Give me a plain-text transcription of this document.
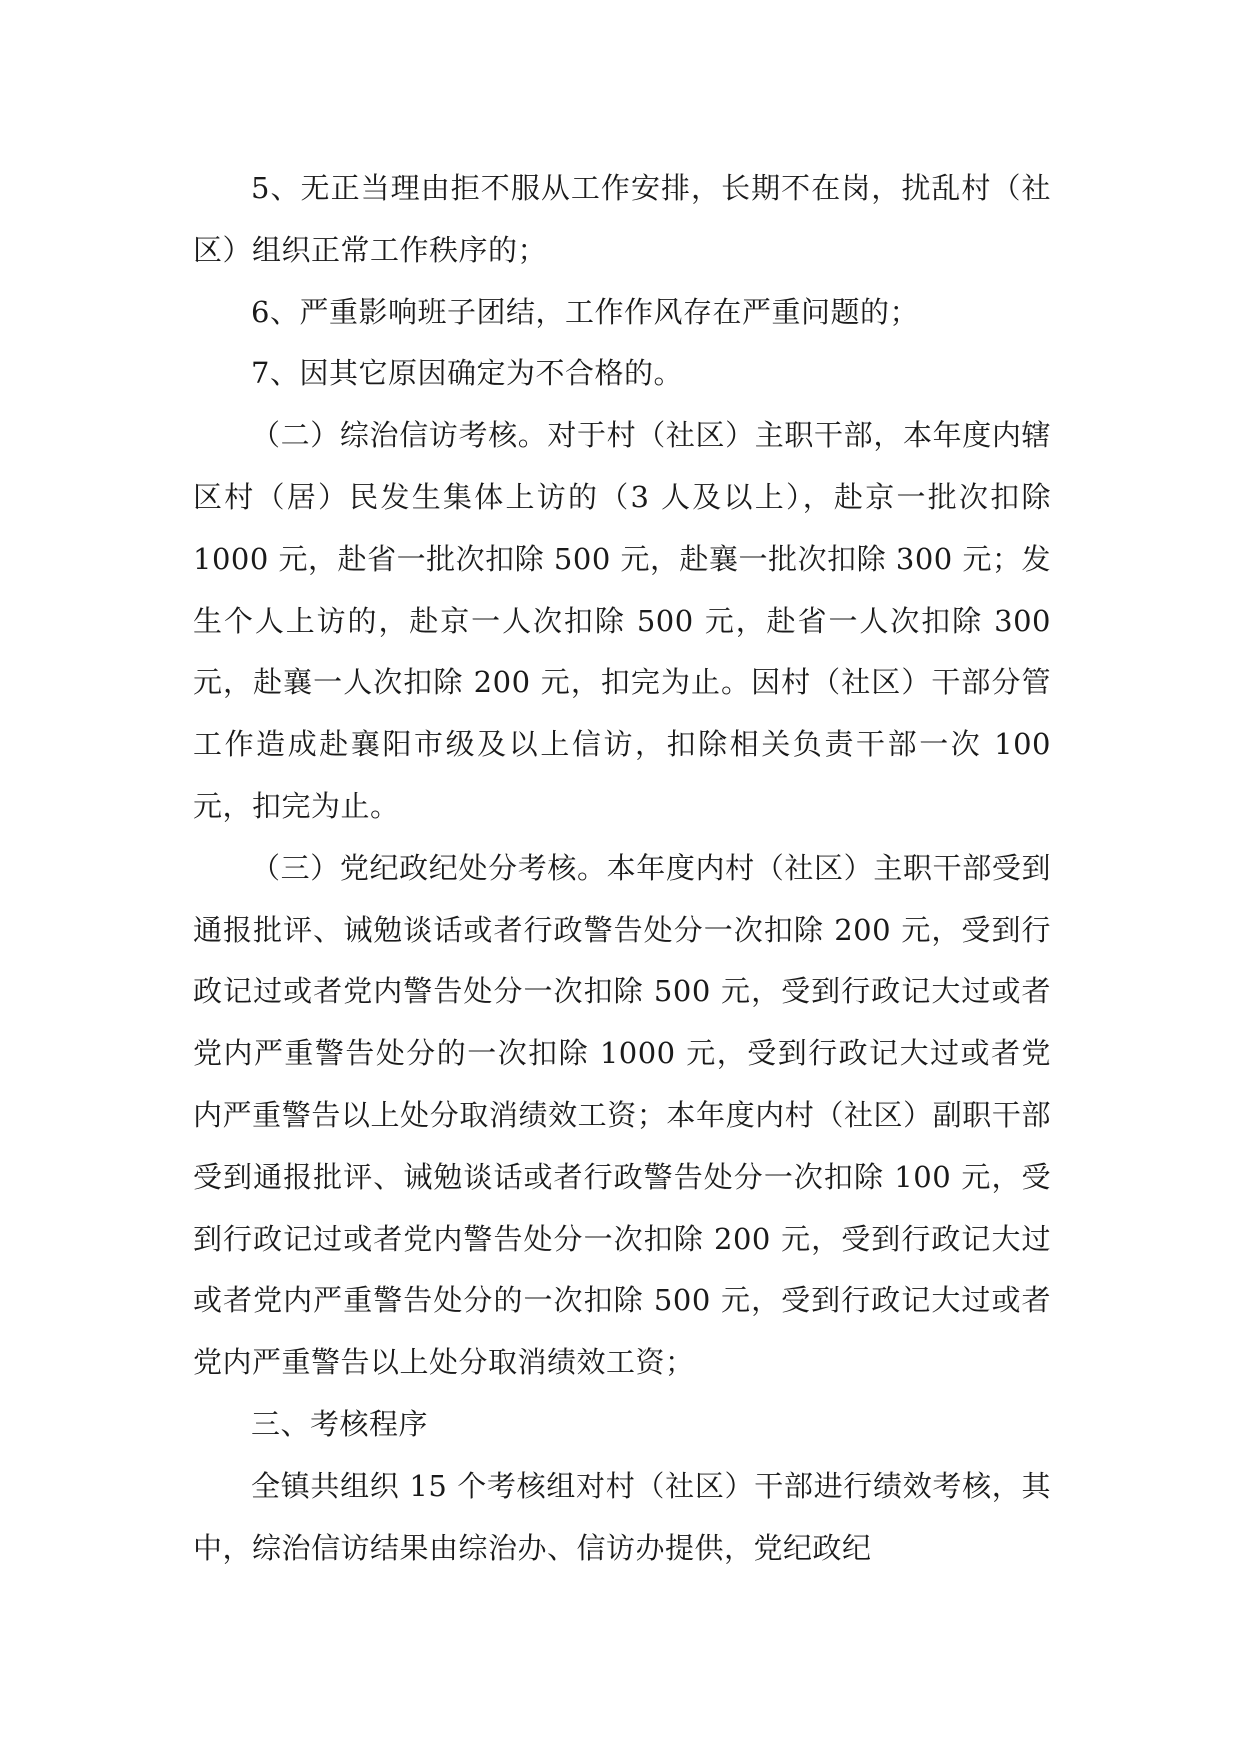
5、无正当理由拒不服从工作安排，长期不在岗，扰乱村（社区）组织正常工作秩序的；

6、严重影响班子团结，工作作风存在严重问题的；

7、因其它原因确定为不合格的。

（二）综治信访考核。对于村（社区）主职干部，本年度内辖区村（居）民发生集体上访的（3 人及以上），赴京一批次扣除 1000 元，赴省一批次扣除 500 元，赴襄一批次扣除 300 元；发生个人上访的，赴京一人次扣除 500 元，赴省一人次扣除 300 元，赴襄一人次扣除 200 元，扣完为止。因村（社区）干部分管工作造成赴襄阳市级及以上信访，扣除相关负责干部一次 100 元，扣完为止。

（三）党纪政纪处分考核。本年度内村（社区）主职干部受到通报批评、诫勉谈话或者行政警告处分一次扣除 200 元，受到行政记过或者党内警告处分一次扣除 500 元，受到行政记大过或者党内严重警告处分的一次扣除 1000 元，受到行政记大过或者党内严重警告以上处分取消绩效工资；本年度内村（社区）副职干部受到通报批评、诫勉谈话或者行政警告处分一次扣除 100 元，受到行政记过或者党内警告处分一次扣除 200 元，受到行政记大过或者党内严重警告处分的一次扣除 500 元，受到行政记大过或者党内严重警告以上处分取消绩效工资；

三、考核程序

全镇共组织 15 个考核组对村（社区）干部进行绩效考核，其中，综治信访结果由综治办、信访办提供，党纪政纪
